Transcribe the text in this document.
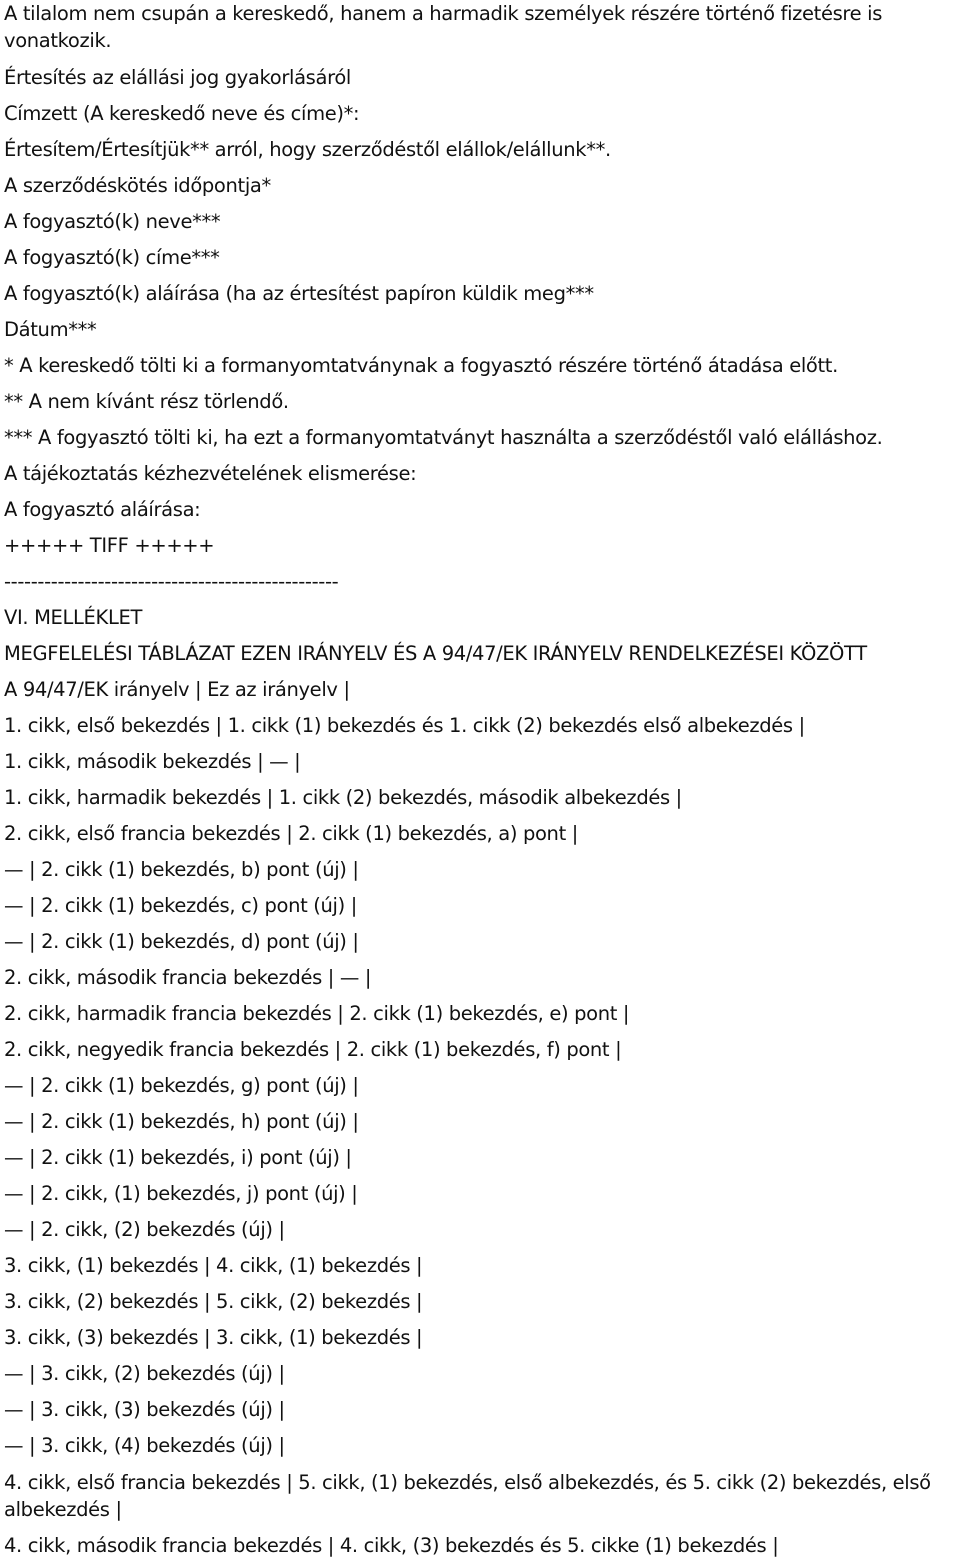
A tilalom nem csupán a kereskedő, hanem a harmadik személyek részére történő fizetésre is vonatkozik.
Értesítés az elállási jog gyakorlásáról
Címzett (A kereskedő neve és címe)*:
Értesítem/Értesítjük** arról, hogy szerződéstől elállok/elállunk**.
A szerződéskötés időpontja*
A fogyasztó(k) neve***
A fogyasztó(k) címe***
A fogyasztó(k) aláírása (ha az értesítést papíron küldik meg***
Dátum***
* A kereskedő tölti ki a formanyomtatványnak a fogyasztó részére történő átadása előtt.
** A nem kívánt rész törlendő.
*** A fogyasztó tölti ki, ha ezt a formanyomtatványt használta a szerződéstől való elálláshoz.
A tájékoztatás kézhezvételének elismerése:
A fogyasztó aláírása:
+++++ TIFF +++++
--------------------------------------------------
VI. MELLÉKLET
MEGFELELÉSI TÁBLÁZAT EZEN IRÁNYELV ÉS A 94/47/EK IRÁNYELV RENDELKEZÉSEI KÖZÖTT
A 94/47/EK irányelv | Ez az irányelv |
1. cikk, első bekezdés | 1. cikk (1) bekezdés és 1. cikk (2) bekezdés első albekezdés |
1. cikk, második bekezdés | — |
1. cikk, harmadik bekezdés | 1. cikk (2) bekezdés, második albekezdés |
2. cikk, első francia bekezdés | 2. cikk (1) bekezdés, a) pont |
— | 2. cikk (1) bekezdés, b) pont (új) |
— | 2. cikk (1) bekezdés, c) pont (új) |
— | 2. cikk (1) bekezdés, d) pont (új) |
2. cikk, második francia bekezdés | — |
2. cikk, harmadik francia bekezdés | 2. cikk (1) bekezdés, e) pont |
2. cikk, negyedik francia bekezdés | 2. cikk (1) bekezdés, f) pont |
— | 2. cikk (1) bekezdés, g) pont (új) |
— | 2. cikk (1) bekezdés, h) pont (új) |
— | 2. cikk (1) bekezdés, i) pont (új) |
— | 2. cikk, (1) bekezdés, j) pont (új) |
— | 2. cikk, (2) bekezdés (új) |
3. cikk, (1) bekezdés | 4. cikk, (1) bekezdés |
3. cikk, (2) bekezdés | 5. cikk, (2) bekezdés |
3. cikk, (3) bekezdés | 3. cikk, (1) bekezdés |
— | 3. cikk, (2) bekezdés (új) |
— | 3. cikk, (3) bekezdés (új) |
— | 3. cikk, (4) bekezdés (új) |
4. cikk, első francia bekezdés | 5. cikk, (1) bekezdés, első albekezdés, és 5. cikk (2) bekezdés, első albekezdés |
4. cikk, második francia bekezdés | 4. cikk, (3) bekezdés és 5. cikke (1) bekezdés |
